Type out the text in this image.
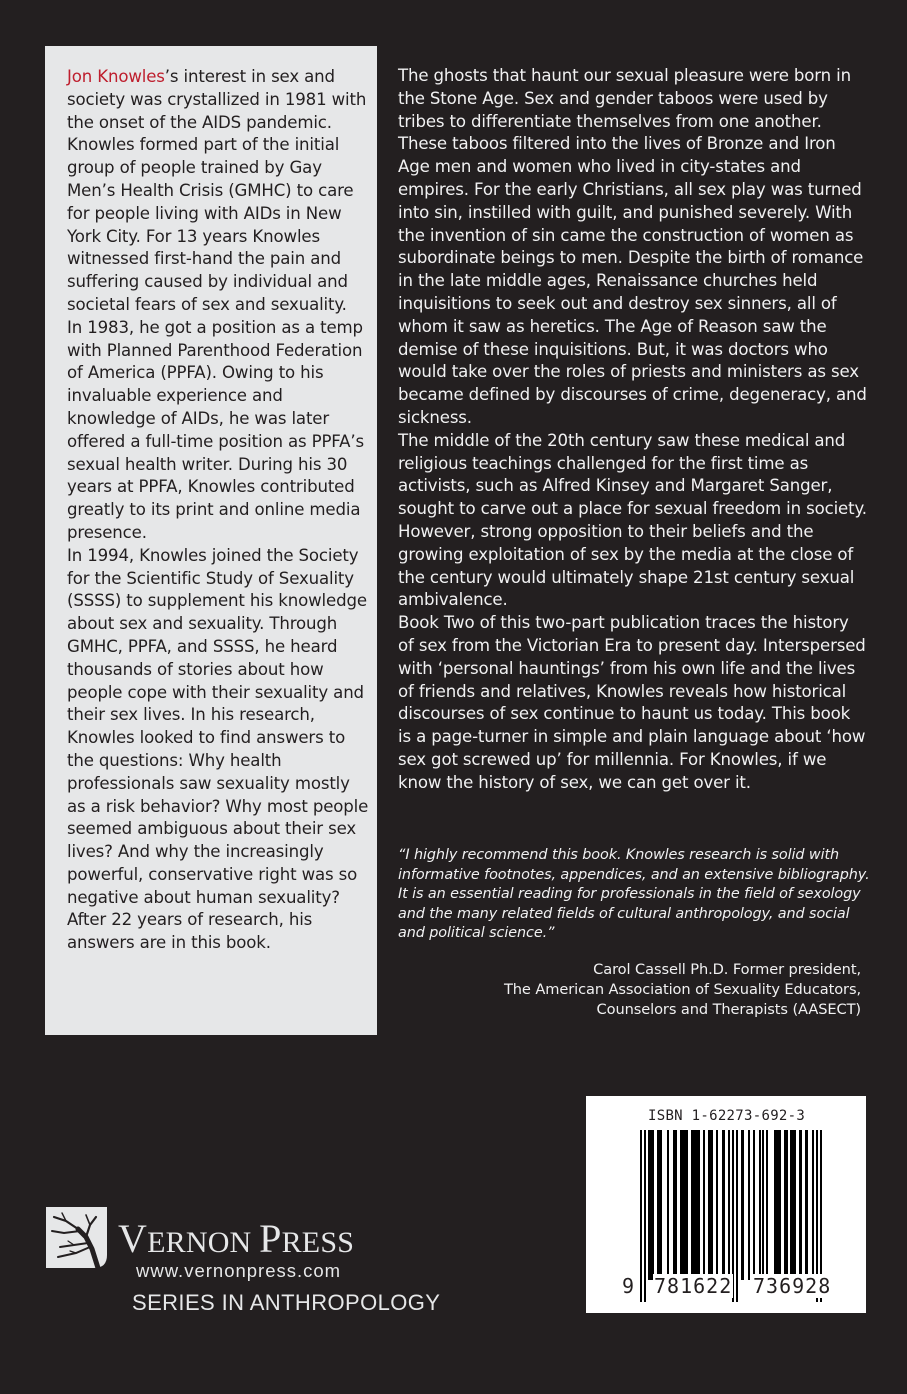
Jon Knowles’s interest in sex and society was crystallized in 1981 with the onset of the AIDS pandemic. Knowles formed part of the initial group of people trained by Gay Men’s Health Crisis (GMHC) to care for people living with AIDs in New York City. For 13 years Knowles witnessed first-hand the pain and suffering caused by individual and societal fears of sex and sexuality.

In 1983, he got a position as a temp with Planned Parenthood Federation of America (PPFA). Owing to his invaluable experience and knowledge of AIDs, he was later offered a full-time position as PPFA’s sexual health writer. During his 30 years at PPFA, Knowles contributed greatly to its print and online media presence.

In 1994, Knowles joined the Society for the Scientific Study of Sexuality (SSSS) to supplement his knowledge about sex and sexuality. Through GMHC, PPFA, and SSSS, he heard thousands of stories about how people cope with their sexuality and their sex lives. In his research, Knowles looked to find answers to the questions: Why health professionals saw sexuality mostly as a risk behavior? Why most people seemed ambiguous about their sex lives? And why the increasingly powerful, conservative right was so negative about human sexuality? After 22 years of research, his answers are in this book.

The ghosts that haunt our sexual pleasure were born in the Stone Age. Sex and gender taboos were used by tribes to differentiate themselves from one another. These taboos filtered into the lives of Bronze and Iron Age men and women who lived in city-states and empires. For the early Christians, all sex play was turned into sin, instilled with guilt, and punished severely. With the invention of sin came the construction of women as subordinate beings to men. Despite the birth of romance in the late middle ages, Renaissance churches held inquisitions to seek out and destroy sex sinners, all of whom it saw as heretics. The Age of Reason saw the demise of these inquisitions. But, it was doctors who would take over the roles of priests and ministers as sex became defined by discourses of crime, degeneracy, and sickness.

The middle of the 20th century saw these medical and religious teachings challenged for the first time as activists, such as Alfred Kinsey and Margaret Sanger, sought to carve out a place for sexual freedom in society. However, strong opposition to their beliefs and the growing exploitation of sex by the media at the close of the century would ultimately shape 21st century sexual ambivalence.

Book Two of this two-part publication traces the history of sex from the Victorian Era to present day. Interspersed with ‘personal hauntings’ from his own life and the lives of friends and relatives, Knowles reveals how historical discourses of sex continue to haunt us today. This book is a page-turner in simple and plain language about ‘how sex got screwed up’ for millennia. For Knowles, if we know the history of sex, we can get over it.

“I highly recommend this book. Knowles research is solid with informative footnotes, appendices, and an extensive bibliography. It is an essential reading for professionals in the field of sexology and the many related fields of cultural anthropology, and social and political science.”
Carol Cassell Ph.D. Former president,
The American Association of Sexuality Educators,
Counselors and Therapists (AASECT)
ISBN 1-62273-692-3

9

781622

736928

VERNON PRESS
www.vernonpress.com
SERIES IN ANTHROPOLOGY
